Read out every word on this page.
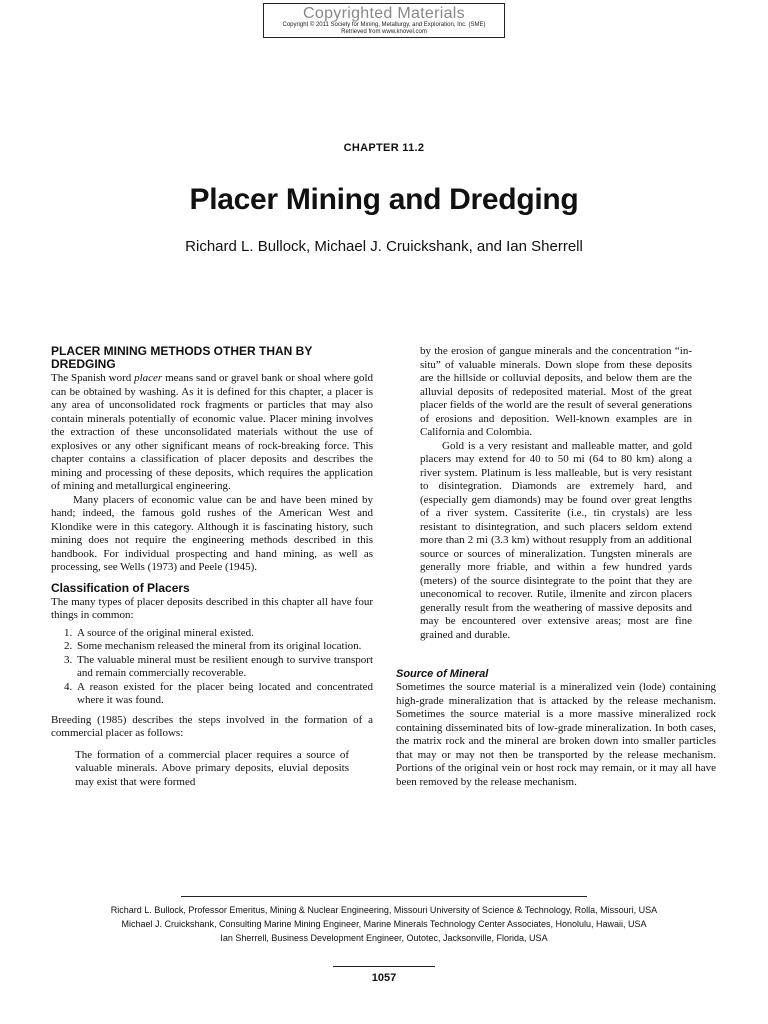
Copyrighted Materials
Copyright © 2011 Society for Mining, Metallurgy, and Exploration, Inc. (SME)
Retrieved from www.knovel.com
CHAPTER 11.2
Placer Mining and Dredging
Richard L. Bullock, Michael J. Cruickshank, and Ian Sherrell
PLACER MINING METHODS OTHER THAN BY DREDGING

The Spanish word placer means sand or gravel bank or shoal where gold can be obtained by washing. As it is defined for this chapter, a placer is any area of unconsolidated rock fragments or particles that may also contain minerals potentially of economic value. Placer mining involves the extraction of these unconsolidated materials without the use of explosives or any other significant means of rock-breaking force. This chapter contains a classification of placer deposits and describes the mining and processing of these deposits, which requires the application of mining and metallurgical engineering.

Many placers of economic value can be and have been mined by hand; indeed, the famous gold rushes of the American West and Klondike were in this category. Although it is fascinating history, such mining does not require the engineering methods described in this handbook. For individual prospecting and hand mining, as well as processing, see Wells (1973) and Peele (1945).

Classification of Placers

The many types of placer deposits described in this chapter all have four things in common:

1. A source of the original mineral existed.
2. Some mechanism released the mineral from its original location.
3. The valuable mineral must be resilient enough to survive transport and remain commercially recoverable.
4. A reason existed for the placer being located and concentrated where it was found.

Breeding (1985) describes the steps involved in the formation of a commercial placer as follows:

The formation of a commercial placer requires a source of valuable minerals. Above primary deposits, eluvial deposits may exist that were formed

by the erosion of gangue minerals and the concentration “in-situ” of valuable minerals. Down slope from these deposits are the hillside or colluvial deposits, and below them are the alluvial deposits of redeposited material. Most of the great placer fields of the world are the result of several generations of erosions and deposition. Well-known examples are in California and Colombia.

Gold is a very resistant and malleable matter, and gold placers may extend for 40 to 50 mi (64 to 80 km) along a river system. Platinum is less malleable, but is very resistant to disintegration. Diamonds are extremely hard, and (especially gem diamonds) may be found over great lengths of a river system. Cassiterite (i.e., tin crystals) are less resistant to disintegration, and such placers seldom extend more than 2 mi (3.3 km) without resupply from an additional source or sources of mineralization. Tungsten minerals are generally more friable, and within a few hundred yards (meters) of the source disintegrate to the point that they are uneconomical to recover. Rutile, ilmenite and zircon placers generally result from the weathering of massive deposits and may be encountered over extensive areas; most are fine grained and durable.

Source of Mineral

Sometimes the source material is a mineralized vein (lode) containing high-grade mineralization that is attacked by the release mechanism. Sometimes the source material is a more massive mineralized rock containing disseminated bits of low-grade mineralization. In both cases, the matrix rock and the mineral are broken down into smaller particles that may or may not then be transported by the release mechanism. Portions of the original vein or host rock may remain, or it may all have been removed by the release mechanism.

Richard L. Bullock, Professor Emeritus, Mining & Nuclear Engineering, Missouri University of Science & Technology, Rolla, Missouri, USA
Michael J. Cruickshank, Consulting Marine Mining Engineer, Marine Minerals Technology Center Associates, Honolulu, Hawaii, USA
Ian Sherrell, Business Development Engineer, Outotec, Jacksonville, Florida, USA
1057
